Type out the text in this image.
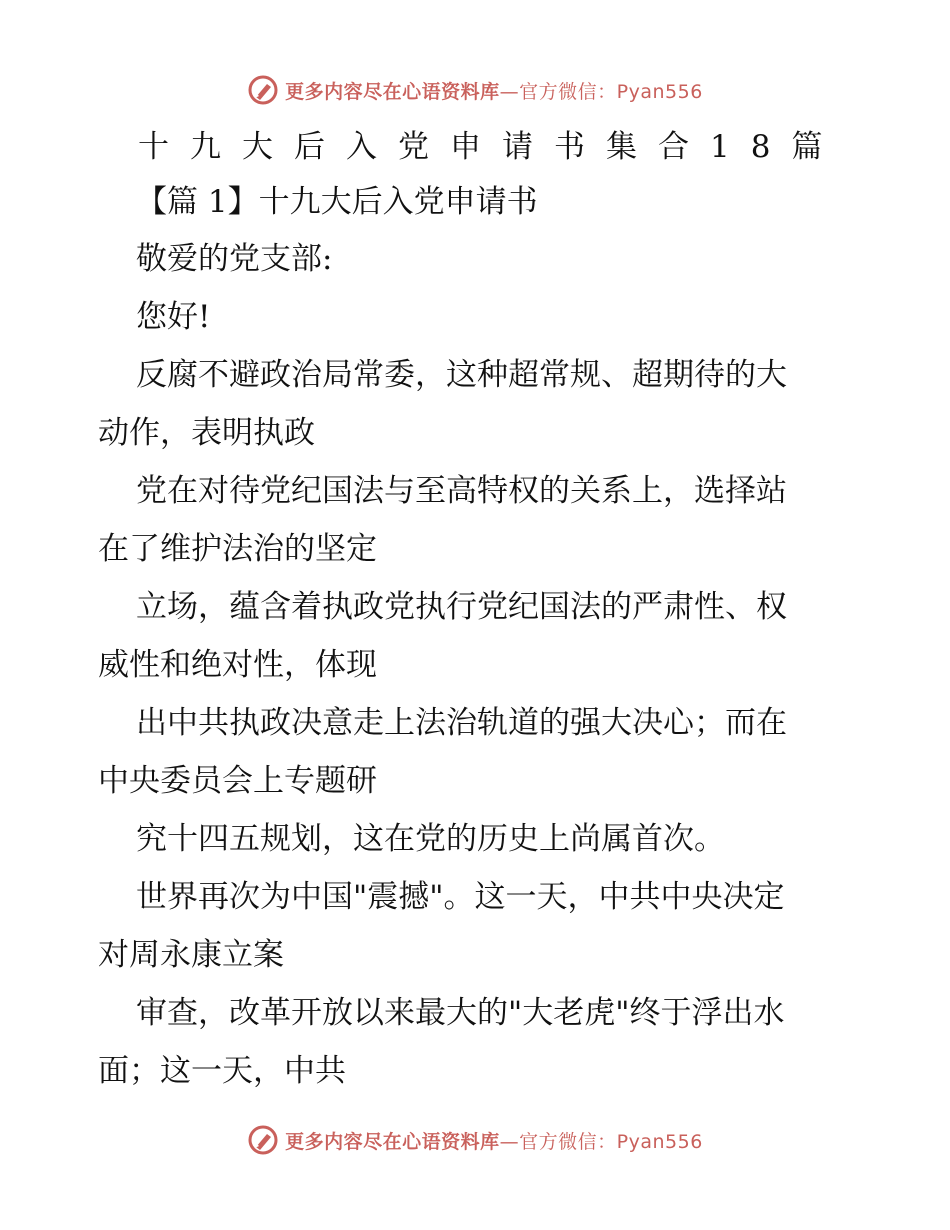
更多内容尽在心语资料库—官方微信：Pyan556
十九大后入党申请书集合18篇
【篇 1】十九大后入党申请书
敬爱的党支部:
您好!
反腐不避政治局常委，这种超常规、超期待的大
动作，表明执政
党在对待党纪国法与至高特权的关系上，选择站
在了维护法治的坚定
立场，蕴含着执政党执行党纪国法的严肃性、权
威性和绝对性，体现
出中共执政决意走上法治轨道的强大决心；而在
中央委员会上专题研
究十四五规划，这在党的历史上尚属首次。
世界再次为中国"震撼"。这一天，中共中央决定
对周永康立案
审查，改革开放以来最大的"大老虎"终于浮出水
面；这一天，中共
更多内容尽在心语资料库—官方微信：Pyan556
